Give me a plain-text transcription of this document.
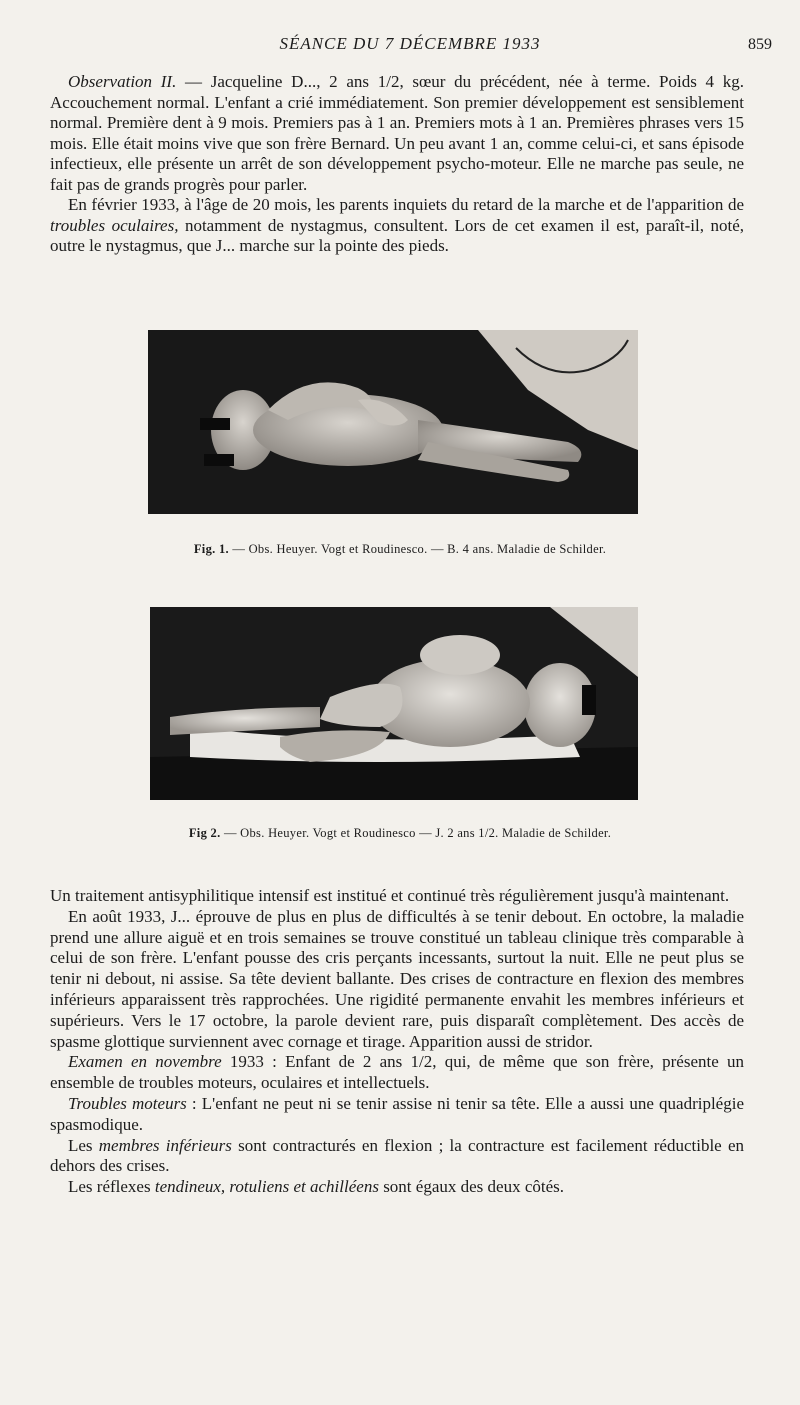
SÉANCE DU 7 DÉCEMBRE 1933	859

Observation II. — Jacqueline D..., 2 ans 1/2, sœur du précédent, née à terme. Poids 4 kg. Accouchement normal. L'enfant a crié immédiatement. Son premier développement est sensiblement normal. Première dent à 9 mois. Premiers pas à 1 an. Premiers mots à 1 an. Premières phrases vers 15 mois. Elle était moins vive que son frère Bernard. Un peu avant 1 an, comme celui-ci, et sans épisode infectieux, elle présente un arrêt de son développement psycho-moteur. Elle ne marche pas seule, ne fait pas de grands progrès pour parler.

En février 1933, à l'âge de 20 mois, les parents inquiets du retard de la marche et de l'apparition de troubles oculaires, notamment de nystagmus, consultent. Lors de cet examen il est, paraît-il, noté, outre le nystagmus, que J... marche sur la pointe des pieds.

Fig. 1. — Obs. Heuyer. Vogt et Roudinesco. — B. 4 ans. Maladie de Schilder.
Fig 2. — Obs. Heuyer. Vogt et Roudinesco — J. 2 ans 1/2. Maladie de Schilder.

Un traitement antisyphilitique intensif est institué et continué très régulièrement jusqu'à maintenant.

En août 1933, J... éprouve de plus en plus de difficultés à se tenir debout. En octobre, la maladie prend une allure aiguë et en trois semaines se trouve constitué un tableau clinique très comparable à celui de son frère. L'enfant pousse des cris perçants incessants, surtout la nuit. Elle ne peut plus se tenir ni debout, ni assise. Sa tête devient ballante. Des crises de contracture en flexion des membres inférieurs apparaissent très rapprochées. Une rigidité permanente envahit les membres inférieurs et supérieurs. Vers le 17 octobre, la parole devient rare, puis disparaît complètement. Des accès de spasme glottique surviennent avec cornage et tirage. Apparition aussi de stridor.

Examen en novembre 1933 : Enfant de 2 ans 1/2, qui, de même que son frère, présente un ensemble de troubles moteurs, oculaires et intellectuels.

Troubles moteurs : L'enfant ne peut ni se tenir assise ni tenir sa tête. Elle a aussi une quadriplégie spasmodique.

Les membres inférieurs sont contracturés en flexion ; la contracture est facilement réductible en dehors des crises.

Les réflexes tendineux, rotuliens et achilléens sont égaux des deux côtés.
